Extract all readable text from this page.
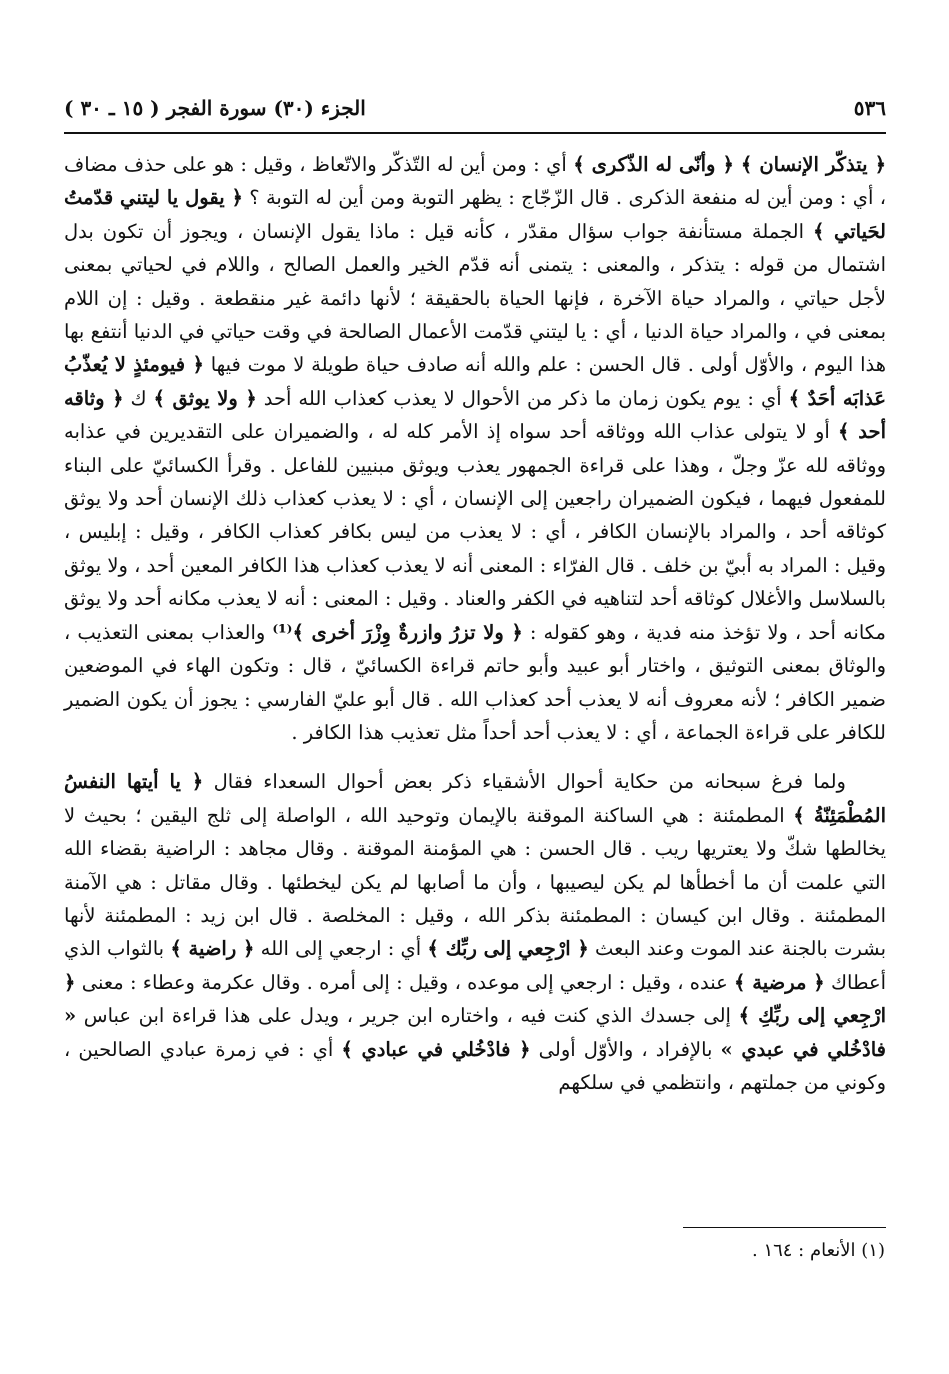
٥٣٦
الجزء (٣٠) سورة الفجر ( ١٥ ـ ٣٠ )

﴿ يتذكّر الإنسان ﴾ ﴿ وأنّى له الذّكرى ﴾ أي : ومن أين له التّذكّر والاتّعاظ ، وقيل : هو على حذف مضاف ، أي : ومن أين له منفعة الذكرى . قال الزّجّاج : يظهر التوبة ومن أين له التوبة ؟ ﴿ يقول يا ليتني قدّمتُ لحَياتي ﴾ الجملة مستأنفة جواب سؤال مقدّر ، كأنه قيل : ماذا يقول الإنسان ، ويجوز أن تكون بدل اشتمال من قوله : يتذكر ، والمعنى : يتمنى أنه قدّم الخير والعمل الصالح ، واللام في لحياتي بمعنى لأجل حياتي ، والمراد حياة الآخرة ، فإنها الحياة بالحقيقة ؛ لأنها دائمة غير منقطعة . وقيل : إن اللام بمعنى في ، والمراد حياة الدنيا ، أي : يا ليتني قدّمت الأعمال الصالحة في وقت حياتي في الدنيا أنتفع بها هذا اليوم ، والأوّل أولى . قال الحسن : علم والله أنه صادف حياة طويلة لا موت فيها ﴿ فيومئذٍ لا يُعذّبُ عَذابَه أحَدٌ ﴾ أي : يوم يكون زمان ما ذكر من الأحوال لا يعذب كعذاب الله أحد ﴿ ولا يوثق ﴾ ك ﴿ وثاقه أحد ﴾ أو لا يتولى عذاب الله ووثاقه أحد سواه إذ الأمر كله له ، والضميران على التقديرين في عذابه ووثاقه لله عزّ وجلّ ، وهذا على قراءة الجمهور يعذب ويوثق مبنيين للفاعل . وقرأ الكسائيّ على البناء للمفعول فيهما ، فيكون الضميران راجعين إلى الإنسان ، أي : لا يعذب كعذاب ذلك الإنسان أحد ولا يوثق كوثاقه أحد ، والمراد بالإنسان الكافر ، أي : لا يعذب من ليس بكافر كعذاب الكافر ، وقيل : إبليس ، وقيل : المراد به أبيّ بن خلف . قال الفرّاء : المعنى أنه لا يعذب كعذاب هذا الكافر المعين أحد ، ولا يوثق بالسلاسل والأغلال كوثاقه أحد لتناهيه في الكفر والعناد . وقيل : المعنى : أنه لا يعذب مكانه أحد ولا يوثق مكانه أحد ، ولا تؤخذ منه فدية ، وهو كقوله : ﴿ ولا تزرُ وازرةٌ وِزْرَ أخرى ﴾⁽¹⁾ والعذاب بمعنى التعذيب ، والوثاق بمعنى التوثيق ، واختار أبو عبيد وأبو حاتم قراءة الكسائيّ ، قال : وتكون الهاء في الموضعين ضمير الكافر ؛ لأنه معروف أنه لا يعذب أحد كعذاب الله . قال أبو عليّ الفارسي : يجوز أن يكون الضمير للكافر على قراءة الجماعة ، أي : لا يعذب أحد أحداً مثل تعذيب هذا الكافر .

ولما فرغ سبحانه من حكاية أحوال الأشقياء ذكر بعض أحوال السعداء فقال ﴿ يا أيتها النفسُ المُطْمَئِنّةُ ﴾ المطمئنة : هي الساكنة الموقنة بالإيمان وتوحيد الله ، الواصلة إلى ثلج اليقين ؛ بحيث لا يخالطها شكّ ولا يعتريها ريب . قال الحسن : هي المؤمنة الموقنة . وقال مجاهد : الراضية بقضاء الله التي علمت أن ما أخطأها لم يكن ليصيبها ، وأن ما أصابها لم يكن ليخطئها . وقال مقاتل : هي الآمنة المطمئنة . وقال ابن كيسان : المطمئنة بذكر الله ، وقيل : المخلصة . قال ابن زيد : المطمئنة لأنها بشرت بالجنة عند الموت وعند البعث ﴿ ارْجِعي إلى ربِّك ﴾ أي : ارجعي إلى الله ﴿ راضية ﴾ بالثواب الذي أعطاك ﴿ مرضية ﴾ عنده ، وقيل : ارجعي إلى موعده ، وقيل : إلى أمره . وقال عكرمة وعطاء : معنى ﴿ ارْجِعي إلى ربِّكِ ﴾ إلى جسدك الذي كنت فيه ، واختاره ابن جرير ، ويدل على هذا قراءة ابن عباس « فادْخُلي في عبدي » بالإفراد ، والأوّل أولى ﴿ فادْخُلي في عبادي ﴾ أي : في زمرة عبادي الصالحين ، وكوني من جملتهم ، وانتظمي في سلكهم

(١) الأنعام : ١٦٤ .
